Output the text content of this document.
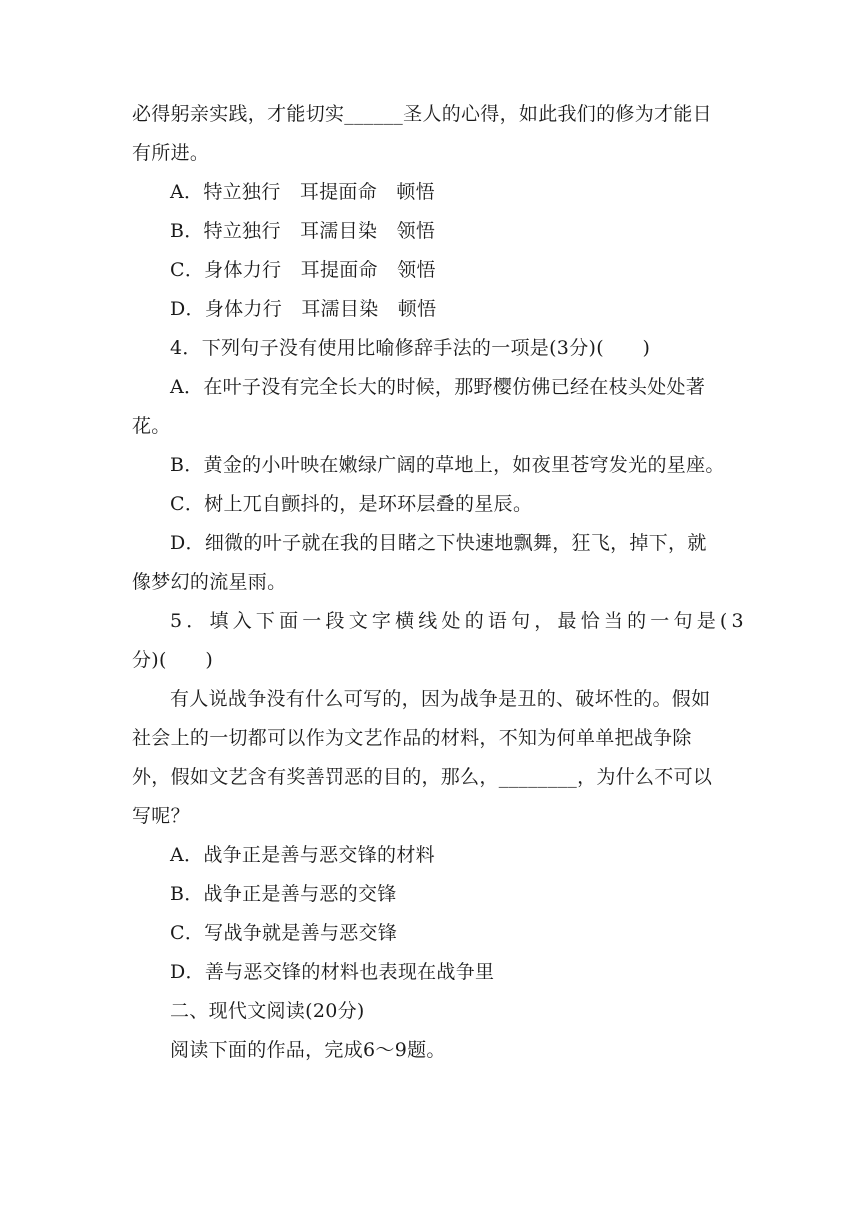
必得躬亲实践，才能切实______圣人的心得，如此我们的修为才能日
有所进。
A．特立独行　耳提面命　顿悟
B．特立独行　耳濡目染　领悟
C．身体力行　耳提面命　领悟
D．身体力行　耳濡目染　顿悟
4．下列句子没有使用比喻修辞手法的一项是(3分)(　　)
A．在叶子没有完全长大的时候，那野樱仿佛已经在枝头处处著
花。
B．黄金的小叶映在嫩绿广阔的草地上，如夜里苍穹发光的星座。
C．树上兀自颤抖的，是环环层叠的星辰。
D．细微的叶子就在我的目睹之下快速地飘舞，狂飞，掉下，就
像梦幻的流星雨。
5．填入下面一段文字横线处的语句，最恰当的一句是(3
分)(　　)
有人说战争没有什么可写的，因为战争是丑的、破坏性的。假如
社会上的一切都可以作为文艺作品的材料，不知为何单单把战争除
外，假如文艺含有奖善罚恶的目的，那么，________，为什么不可以
写呢？
A．战争正是善与恶交锋的材料
B．战争正是善与恶的交锋
C．写战争就是善与恶交锋
D．善与恶交锋的材料也表现在战争里
二、现代文阅读(20分)
阅读下面的作品，完成6～9题。
